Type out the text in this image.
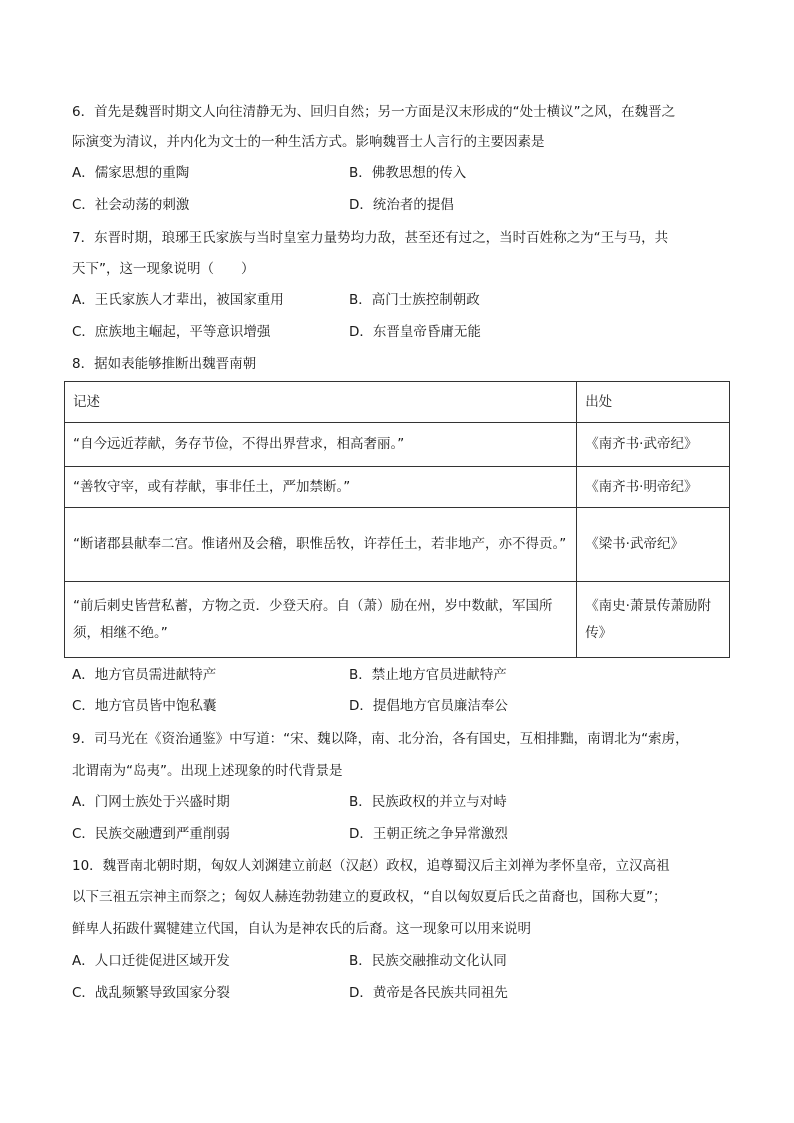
6．首先是魏晋时期文人向往清静无为、回归自然；另一方面是汉末形成的“处士横议”之风，在魏晋之
际演变为清议，并内化为文士的一种生活方式。影响魏晋士人言行的主要因素是
A．儒家思想的重陶	B．佛教思想的传入
C．社会动荡的刺激	D．统治者的提倡
7．东晋时期，琅琊王氏家族与当时皇室力量势均力敌，甚至还有过之，当时百姓称之为“王与马，共
天下”，这一现象说明（　　）
A．王氏家族人才辈出，被国家重用	B．高门士族控制朝政
C．庶族地主崛起，平等意识增强	D．东晋皇帝昏庸无能
8．据如表能够推断出魏晋南朝
记述	出处
“自今远近荐献，务存节俭，不得出界营求，相高奢丽。”	《南齐书·武帝纪》
“善牧守宰，或有荐献，事非任土，严加禁断。”	《南齐书·明帝纪》
“断诸郡县献奉二宫。惟诸州及会稽，职惟岳牧，许荐任土，若非地产，亦不得贡。”	《梁书·武帝纪》
“前后刺史皆营私蓄，方物之贡．少登天府。自（萧）励在州，岁中数献，军国所须，相继不绝。”	《南史·萧景传萧励附传》
A．地方官员需进献特产	B．禁止地方官员进献特产
C．地方官员皆中饱私囊	D．提倡地方官员廉洁奉公
9．司马光在《资治通鉴》中写道：“宋、魏以降，南、北分治，各有国史，互相排黜，南谓北为“索虏，
北谓南为“岛夷”。出现上述现象的时代背景是
A．门网士族处于兴盛时期	B．民族政权的并立与对峙
C．民族交融遭到严重削弱	D．王朝正统之争异常激烈
10．魏晋南北朝时期，匈奴人刘渊建立前赵（汉赵）政权，追尊蜀汉后主刘禅为孝怀皇帝，立汉高祖
以下三祖五宗神主而祭之；匈奴人赫连勃勃建立的夏政权，“自以匈奴夏后氏之苗裔也，国称大夏”；
鲜卑人拓跋什翼犍建立代国，自认为是神农氏的后裔。这一现象可以用来说明
A．人口迁徙促进区域开发	B．民族交融推动文化认同
C．战乱频繁导致国家分裂	D．黄帝是各民族共同祖先
